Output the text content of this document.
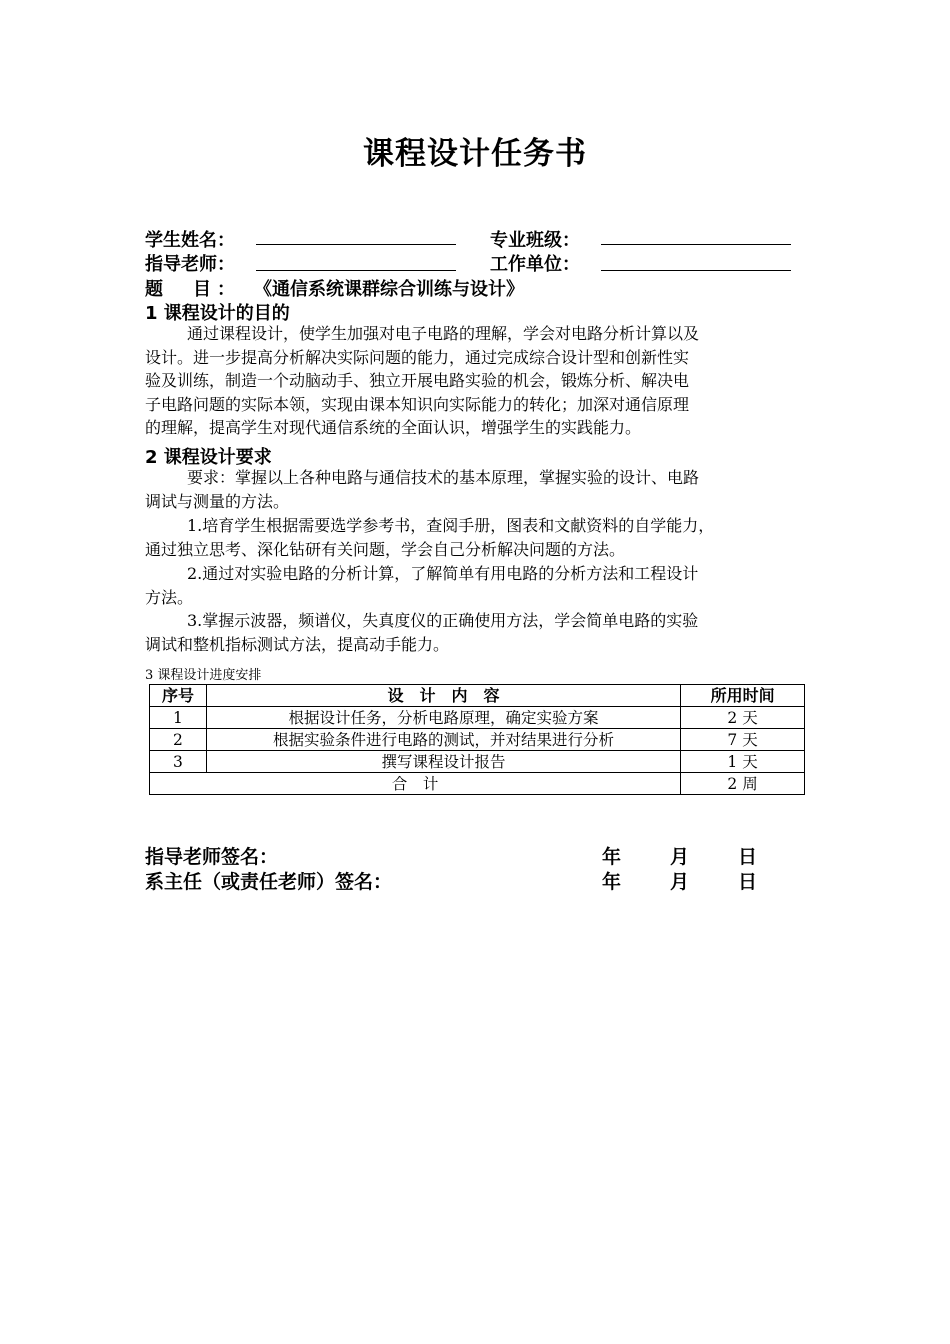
课程设计任务书
学生姓名：	专业班级：
指导老师：	工作单位：
题　目： 《通信系统课群综合训练与设计》
1 课程设计的目的
通过课程设计，使学生加强对电子电路的理解，学会对电路分析计算以及
设计。进一步提高分析解决实际问题的能力，通过完成综合设计型和创新性实
验及训练，制造一个动脑动手、独立开展电路实验的机会，锻炼分析、解决电
子电路问题的实际本领，实现由课本知识向实际能力的转化；加深对通信原理
的理解，提高学生对现代通信系统的全面认识，增强学生的实践能力。
2 课程设计要求
要求：掌握以上各种电路与通信技术的基本原理，掌握实验的设计、电路
调试与测量的方法。
1.培育学生根据需要选学参考书，查阅手册，图表和文献资料的自学能力，
通过独立思考、深化钻研有关问题，学会自己分析解决问题的方法。
2.通过对实验电路的分析计算，了解简单有用电路的分析方法和工程设计
方法。
3.掌握示波器，频谱仪，失真度仪的正确使用方法，学会简单电路的实验
调试和整机指标测试方法，提高动手能力。
3 课程设计进度安排
序号	设　计　内　容	所用时间
1	根据设计任务，分析电路原理，确定实验方案	2 天
2	根据实验条件进行电路的测试，并对结果进行分析	7 天
3	撰写课程设计报告	1 天
合　计		2 周
指导老师签名：	年	月	日
系主任（或责任老师）签名：	年	月	日
